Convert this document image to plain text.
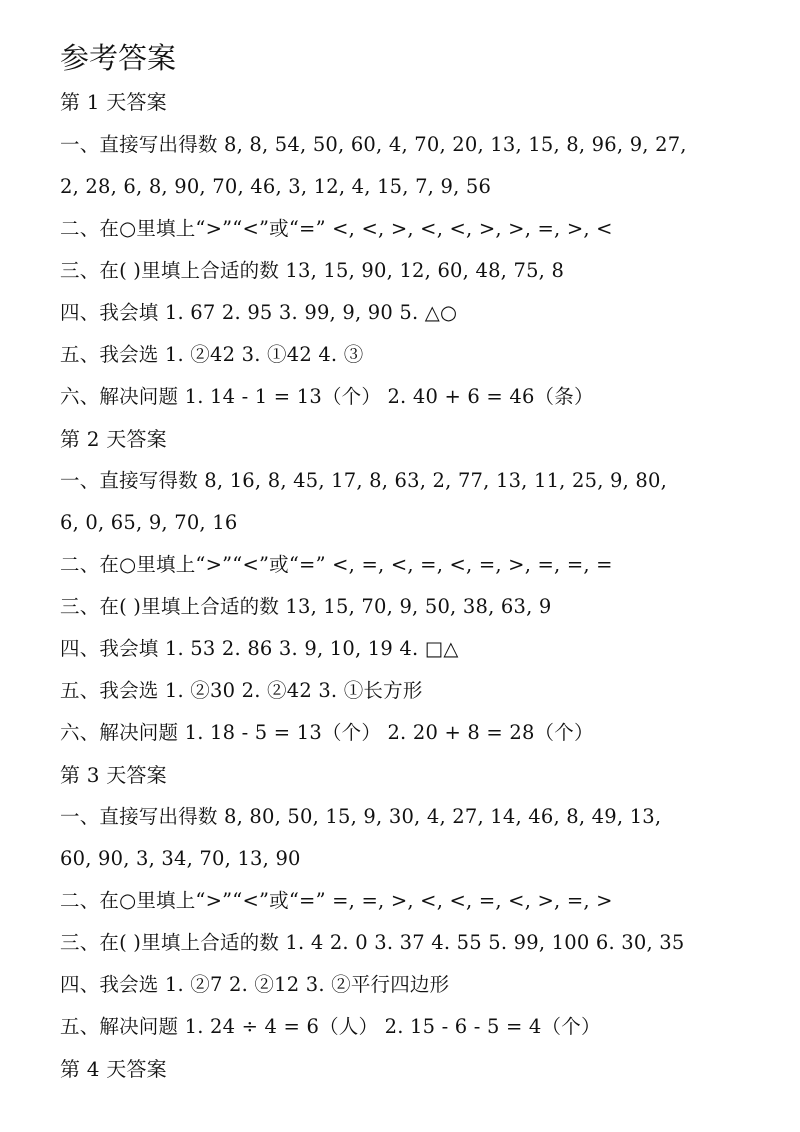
参考答案
第 1 天答案
一、直接写出得数 8, 8, 54, 50, 60, 4, 70, 20, 13, 15, 8, 96, 9, 27,
2, 28, 6, 8, 90, 70, 46, 3, 12, 4, 15, 7, 9, 56
二、在○里填上“>”“<”或“=” <, <, >, <, <, >, >, =, >, <
三、在( )里填上合适的数 13, 15, 90, 12, 60, 48, 75, 8
四、我会填 1. 67 2. 95 3. 99, 9, 90 5. △○
五、我会选 1. ②42 3. ①42 4. ③
六、解决问题 1. 14 - 1 = 13（个） 2. 40 + 6 = 46（条）
第 2 天答案
一、直接写得数 8, 16, 8, 45, 17, 8, 63, 2, 77, 13, 11, 25, 9, 80,
6, 0, 65, 9, 70, 16
二、在○里填上“>”“<”或“=” <, =, <, =, <, =, >, =, =, =
三、在( )里填上合适的数 13, 15, 70, 9, 50, 38, 63, 9
四、我会填 1. 53 2. 86 3. 9, 10, 19 4. □△
五、我会选 1. ②30 2. ②42 3. ①长方形
六、解决问题 1. 18 - 5 = 13（个） 2. 20 + 8 = 28（个）
第 3 天答案
一、直接写出得数 8, 80, 50, 15, 9, 30, 4, 27, 14, 46, 8, 49, 13,
60, 90, 3, 34, 70, 13, 90
二、在○里填上“>”“<”或“=” =, =, >, <, <, =, <, >, =, >
三、在( )里填上合适的数 1. 4 2. 0 3. 37 4. 55 5. 99, 100 6. 30, 35
四、我会选 1. ②7 2. ②12 3. ②平行四边形
五、解决问题 1. 24 ÷ 4 = 6（人） 2. 15 - 6 - 5 = 4（个）
第 4 天答案
